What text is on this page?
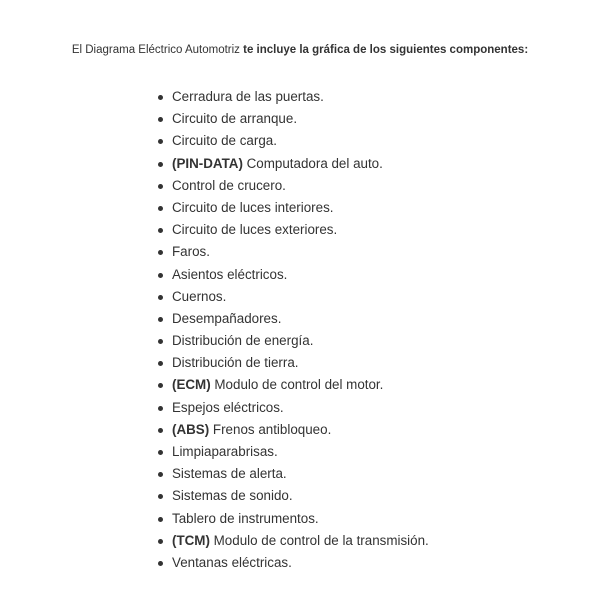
El Diagrama Eléctrico Automotriz te incluye la gráfica de los siguientes componentes:
Cerradura de las puertas.
Circuito de arranque.
Circuito de carga.
(PIN-DATA) Computadora del auto.
Control de crucero.
Circuito de luces interiores.
Circuito de luces exteriores.
Faros.
Asientos eléctricos.
Cuernos.
Desempañadores.
Distribución de energía.
Distribución de tierra.
(ECM) Modulo de control del motor.
Espejos eléctricos.
(ABS) Frenos antibloqueo.
Limpiaparabrisas.
Sistemas de alerta.
Sistemas de sonido.
Tablero de instrumentos.
(TCM) Modulo de control de la transmisión.
Ventanas eléctricas.
